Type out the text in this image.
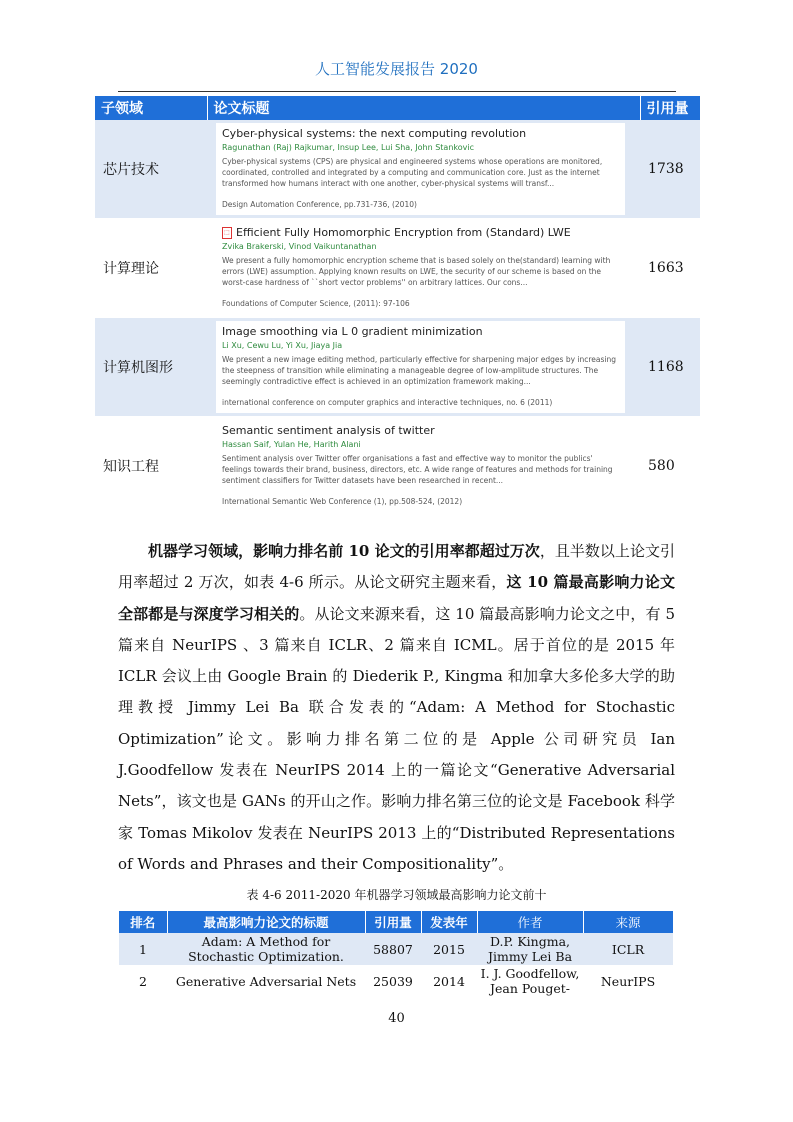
人工智能发展报告 2020
子领域	论文标题	引用量
芯片技术	Cyber-physical systems: the next computing revolution
Ragunathan (Raj) Rajkumar, Insup Lee, Lui Sha, John Stankovic
Cyber-physical systems (CPS) are physical and engineered systems whose operations are monitored, coordinated, controlled and integrated by a computing and communication core. Just as the internet transformed how humans interact with one another, cyber-physical systems will transf...
Design Automation Conference, pp.731-736, (2010)	1738
计算理论	⬚ Efficient Fully Homomorphic Encryption from (Standard) LWE
Zvika Brakerski, Vinod Vaikuntanathan
We present a fully homomorphic encryption scheme that is based solely on the(standard) learning with errors (LWE) assumption. Applying known results on LWE, the security of our scheme is based on the worst-case hardness of ``short vector problems'' on arbitrary lattices. Our cons...
Foundations of Computer Science, (2011): 97-106	1663
计算机图形	Image smoothing via L 0 gradient minimization
Li Xu, Cewu Lu, Yi Xu, Jiaya Jia
We present a new image editing method, particularly effective for sharpening major edges by increasing the steepness of transition while eliminating a manageable degree of low-amplitude structures. The seemingly contradictive effect is achieved in an optimization framework making...
international conference on computer graphics and interactive techniques, no. 6 (2011)	1168
知识工程	Semantic sentiment analysis of twitter
Hassan Saif, Yulan He, Harith Alani
Sentiment analysis over Twitter offer organisations a fast and effective way to monitor the publics' feelings towards their brand, business, directors, etc. A wide range of features and methods for training sentiment classifiers for Twitter datasets have been researched in recent...
International Semantic Web Conference (1), pp.508-524, (2012)	580

机器学习领域，影响力排名前 10 论文的引用率都超过万次，且半数以上论文引用率超过 2 万次，如表 4-6 所示。从论文研究主题来看，这 10 篇最高影响力论文全部都是与深度学习相关的。从论文来源来看，这 10 篇最高影响力论文之中，有 5 篇来自 NeurIPS 、3 篇来自 ICLR、2 篇来自 ICML。居于首位的是 2015 年 ICLR 会议上由 Google Brain 的 Diederik P., Kingma 和加拿大多伦多大学的助理教授 Jimmy Lei Ba 联合发表的“Adam: A Method for Stochastic Optimization”论文。影响力排名第二位的是 Apple 公司研究员 Ian J.Goodfellow 发表在 NeurIPS 2014 上的一篇论文“Generative Adversarial Nets”，该文也是 GANs 的开山之作。影响力排名第三位的论文是 Facebook 科学家 Tomas Mikolov 发表在 NeurIPS 2013 上的“Distributed Representations of Words and Phrases and their Compositionality”。

表 4-6 2011-2020 年机器学习领域最高影响力论文前十
排名	最高影响力论文的标题	引用量	发表年	作者	来源
1	Adam: A Method for Stochastic Optimization.	58807	2015	D.P. Kingma, Jimmy Lei Ba	ICLR
2	Generative Adversarial Nets	25039	2014	I. J. Goodfellow, Jean Pouget-	NeurIPS
40
